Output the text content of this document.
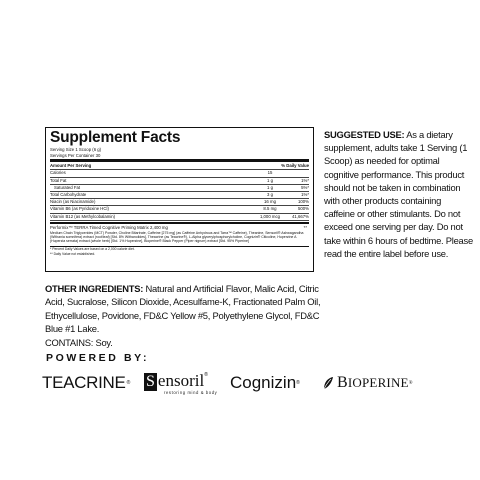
Supplement Facts
Serving Size 1 Scoop (6 g)
Servings Per Container 30
Amount Per Serving	% Daily Value
Calories	15
Total Fat	1 g	1%*
Saturated Fat	1 g	5%*
Total Carbohydrate	3 g	1%*
Niacin (as Niacinamide)	16 mg	100%
Vitamin B6 (as Pyridoxine HCl)	8.5 mg	500%
Vitamin B12 (as Methylcobalamin)	1,000 mcg	41,667%
Performix™ TERRA Timed Cognitive Priming Matrix 2,400 mg	**
Medium Chain Triglycerides (MCT) Powder, Choline Bitartrate, Caffeine [275 mg] (as Caffeine Anhydrous and Tarra™ Caffeine), Theanine, Sensoril® Ashwagandha (Withania somnifera) extract (root/leaf) [Std. 8% Withanolides], Theacrine (as Teacrine®), L-Alpha glycerylphosphorylcholine, Cognizin® Citicoline, Huperzine A (Huperzia serrata) extract (whole herb) [Std. 1% Huperzine], Bioperine® Black Pepper (Piper nigrum) extract [Std. 95% Piperine]
* Percent Daily Values are based on a 2,000 calorie diet.
** Daily Value not established.
SUGGESTED USE: As a dietary supplement, adults take 1 Serving (1 Scoop) as needed for optimal cognitive performance. This product should not be taken in combination with other products containing caffeine or other stimulants. Do not exceed one serving per day. Do not take within 6 hours of bedtime. Please read the entire label before use.
OTHER INGREDIENTS: Natural and Artificial Flavor, Malic Acid, Citric Acid, Sucralose, Silicon Dioxide, Acesulfame-K, Fractionated Palm Oil, Ethycellulose, Povidone, FD&C Yellow #5, Polyethylene Glycol, FD&C Blue #1 Lake.
CONTAINS: Soy.
POWERED BY:
TEACRINE ® S ensoril®
restoring mind & body Cognizin ® B IOPERINE ®
